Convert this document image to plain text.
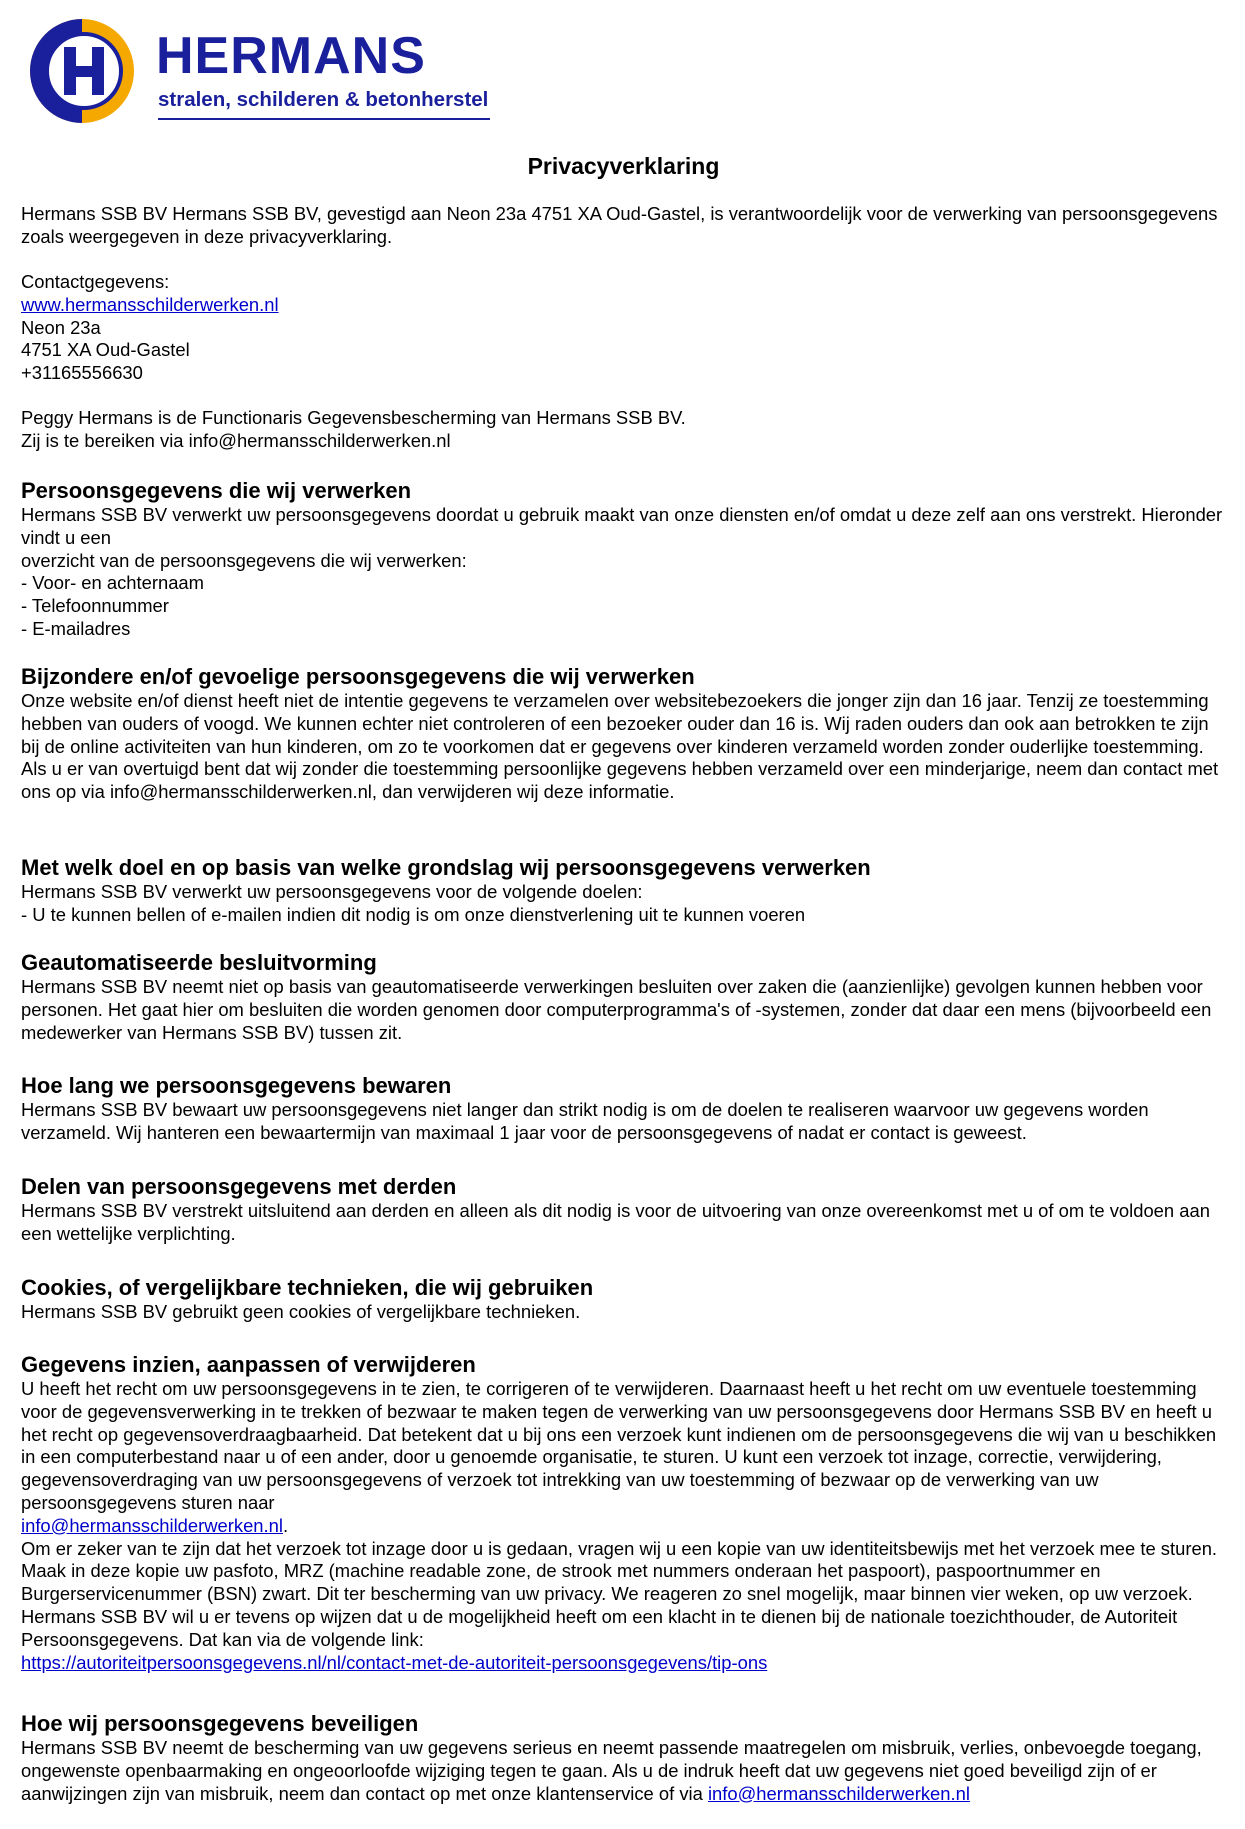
HERMANS
stralen, schilderen & betonherstel
Privacyverklaring

Hermans SSB BV Hermans SSB BV, gevestigd aan Neon 23a 4751 XA Oud-Gastel, is verantwoordelijk voor de verwerking van persoonsgegevens zoals weergegeven in deze privacyverklaring.

Contactgegevens:
www.hermansschilderwerken.nl
Neon 23a
4751 XA Oud-Gastel
+31165556630

Peggy Hermans is de Functionaris Gegevensbescherming van Hermans SSB BV.
Zij is te bereiken via info@hermansschilderwerken.nl

Persoonsgegevens die wij verwerken

Hermans SSB BV verwerkt uw persoonsgegevens doordat u gebruik maakt van onze diensten en/of omdat u deze zelf aan ons verstrekt. Hieronder vindt u een

overzicht van de persoonsgegevens die wij verwerken:
- Voor- en achternaam
- Telefoonnummer
- E-mailadres

Bijzondere en/of gevoelige persoonsgegevens die wij verwerken

Onze website en/of dienst heeft niet de intentie gegevens te verzamelen over websitebezoekers die jonger zijn dan 16 jaar. Tenzij ze toestemming hebben van ouders of voogd. We kunnen echter niet controleren of een bezoeker ouder dan 16 is. Wij raden ouders dan ook aan betrokken te zijn bij de online activiteiten van hun kinderen, om zo te voorkomen dat er gegevens over kinderen verzameld worden zonder ouderlijke toestemming. Als u er van overtuigd bent dat wij zonder die toestemming persoonlijke gegevens hebben verzameld over een minderjarige, neem dan contact met ons op via info@hermansschilderwerken.nl, dan verwijderen wij deze informatie.

Met welk doel en op basis van welke grondslag wij persoonsgegevens verwerken

Hermans SSB BV verwerkt uw persoonsgegevens voor de volgende doelen:
- U te kunnen bellen of e-mailen indien dit nodig is om onze dienstverlening uit te kunnen voeren

Geautomatiseerde besluitvorming

Hermans SSB BV neemt niet op basis van geautomatiseerde verwerkingen besluiten over zaken die (aanzienlijke) gevolgen kunnen hebben voor personen. Het gaat hier om besluiten die worden genomen door computerprogramma's of -systemen, zonder dat daar een mens (bijvoorbeeld een medewerker van Hermans SSB BV) tussen zit.

Hoe lang we persoonsgegevens bewaren

Hermans SSB BV bewaart uw persoonsgegevens niet langer dan strikt nodig is om de doelen te realiseren waarvoor uw gegevens worden verzameld. Wij hanteren een bewaartermijn van maximaal 1 jaar voor de persoonsgegevens of nadat er contact is geweest.

Delen van persoonsgegevens met derden

Hermans SSB BV verstrekt uitsluitend aan derden en alleen als dit nodig is voor de uitvoering van onze overeenkomst met u of om te voldoen aan een wettelijke verplichting.

Cookies, of vergelijkbare technieken, die wij gebruiken

Hermans SSB BV gebruikt geen cookies of vergelijkbare technieken.

Gegevens inzien, aanpassen of verwijderen

U heeft het recht om uw persoonsgegevens in te zien, te corrigeren of te verwijderen. Daarnaast heeft u het recht om uw eventuele toestemming voor de gegevensverwerking in te trekken of bezwaar te maken tegen de verwerking van uw persoonsgegevens door Hermans SSB BV en heeft u het recht op gegevensoverdraagbaarheid. Dat betekent dat u bij ons een verzoek kunt indienen om de persoonsgegevens die wij van u beschikken in een computerbestand naar u of een ander, door u genoemde organisatie, te sturen. U kunt een verzoek tot inzage, correctie, verwijdering, gegevensoverdraging van uw persoonsgegevens of verzoek tot intrekking van uw toestemming of bezwaar op de verwerking van uw persoonsgegevens sturen naar

info@hermansschilderwerken.nl.

Om er zeker van te zijn dat het verzoek tot inzage door u is gedaan, vragen wij u een kopie van uw identiteitsbewijs met het verzoek mee te sturen. Maak in deze kopie uw pasfoto, MRZ (machine readable zone, de strook met nummers onderaan het paspoort), paspoortnummer en Burgerservicenummer (BSN) zwart. Dit ter bescherming van uw privacy. We reageren zo snel mogelijk, maar binnen vier weken, op uw verzoek. Hermans SSB BV wil u er tevens op wijzen dat u de mogelijkheid heeft om een klacht in te dienen bij de nationale toezichthouder, de Autoriteit Persoonsgegevens. Dat kan via de volgende link:

https://autoriteitpersoonsgegevens.nl/nl/contact-met-de-autoriteit-persoonsgegevens/tip-ons

Hoe wij persoonsgegevens beveiligen

Hermans SSB BV neemt de bescherming van uw gegevens serieus en neemt passende maatregelen om misbruik, verlies, onbevoegde toegang, ongewenste openbaarmaking en ongeoorloofde wijziging tegen te gaan. Als u de indruk heeft dat uw gegevens niet goed beveiligd zijn of er aanwijzingen zijn van misbruik, neem dan contact op met onze klantenservice of via info@hermansschilderwerken.nl
